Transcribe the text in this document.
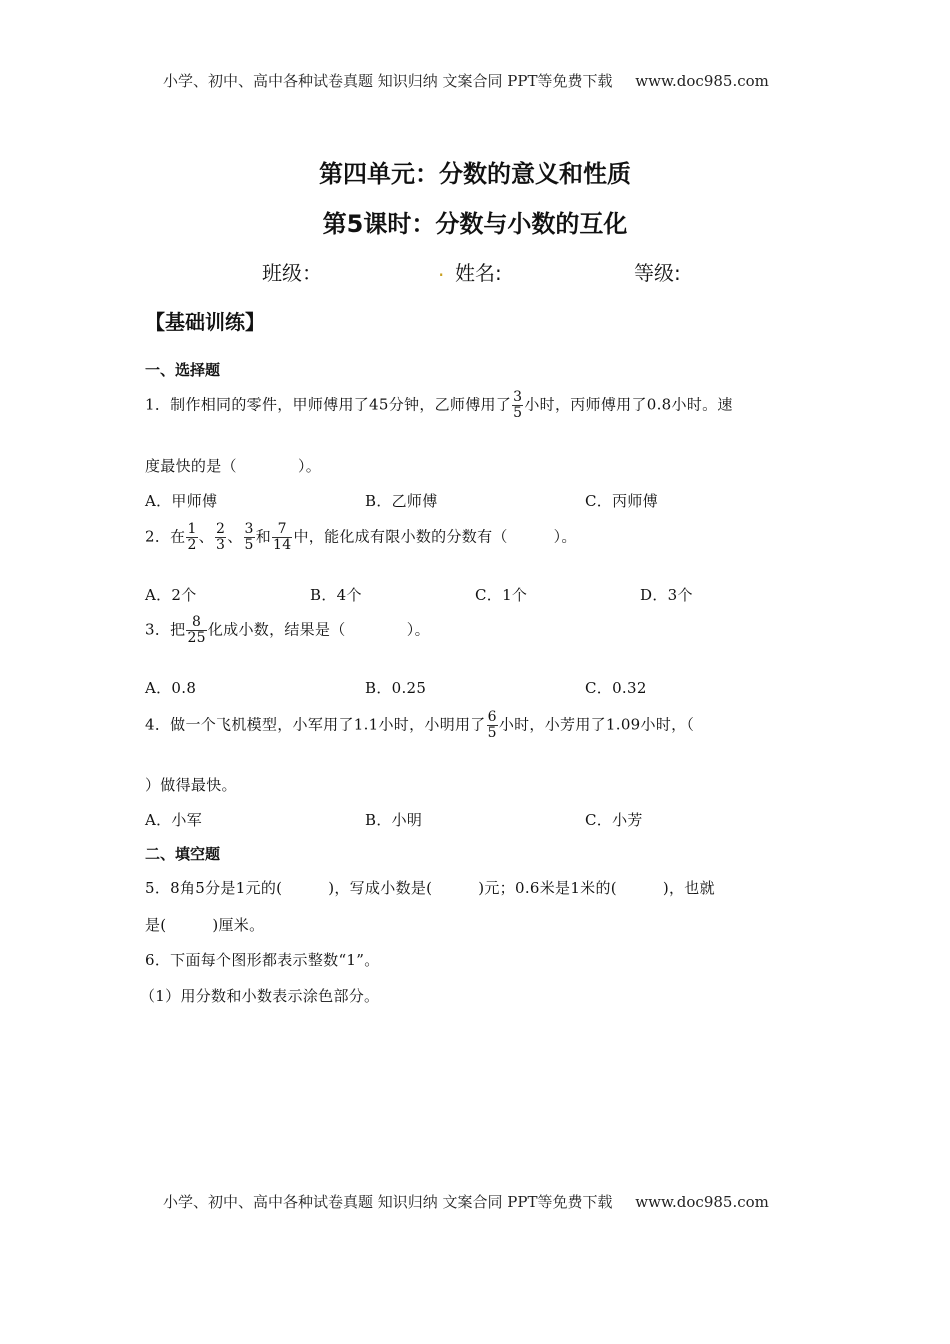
小学、初中、高中各种试卷真题 知识归纳 文案合同 PPT等免费下载 www.doc985.com
第四单元：分数的意义和性质
第5课时：分数与小数的互化
班级：	. 姓名:	等级:
【基础训练】
一、选择题
1．制作相同的零件，甲师傅用了45分钟，乙师傅用了 $\frac{3}{5}$ 小时，丙师傅用了0.8小时。速
度最快的是（　　　　）。
A．甲师傅	B．乙师傅	C．丙师傅
2．在 $\frac{1}{2}$ 、 $\frac{2}{3}$ 、 $\frac{3}{5}$ 和 $\frac{7}{14}$ 中，能化成有限小数的分数有（　　　）。
A．2个	B．4个	C．1个	D．3个
3．把 $\frac{8}{25}$ 化成小数，结果是（　　　　）。
A．0.8	B．0.25	C．0.32
4．做一个飞机模型，小军用了1.1小时，小明用了 $\frac{6}{5}$ 小时，小芳用了1.09小时，（
）做得最快。
A．小军	B．小明	C．小芳
二、填空题
5．8角5分是1元的(　　　)，写成小数是(　　　)元；0.6米是1米的(　　　)，也就
是(　　　)厘米。
6．下面每个图形都表示整数“1”。
（1）用分数和小数表示涂色部分。
小学、初中、高中各种试卷真题 知识归纳 文案合同 PPT等免费下载 www.doc985.com
